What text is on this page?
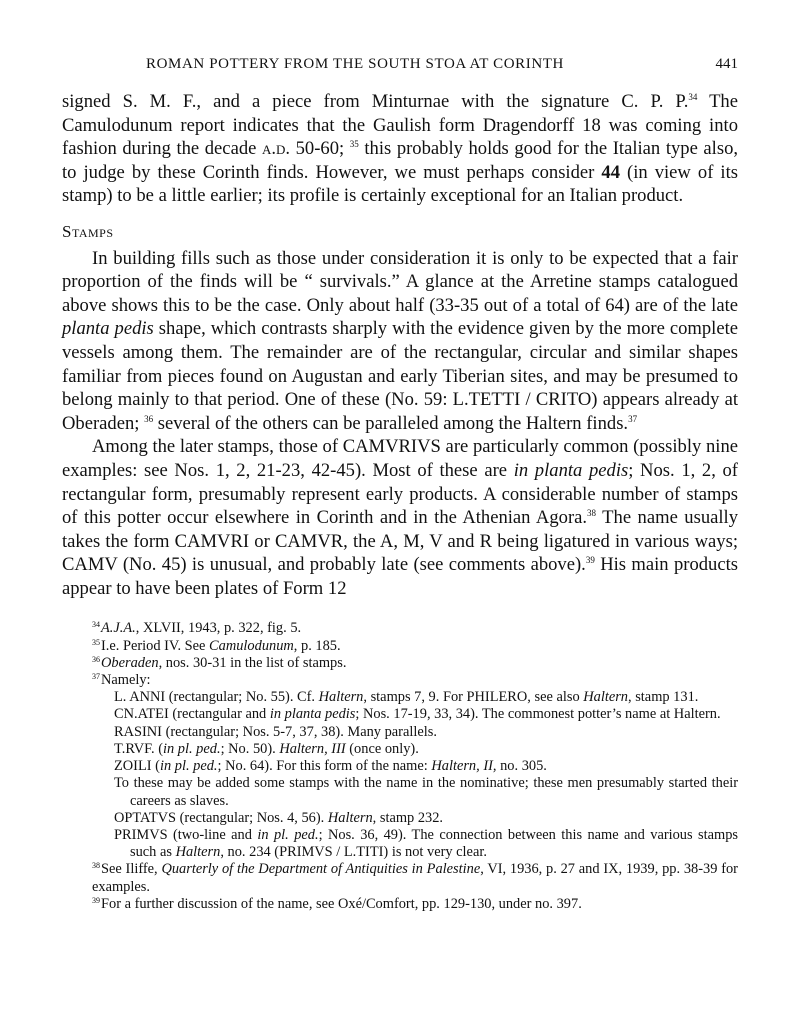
ROMAN POTTERY FROM THE SOUTH STOA AT CORINTH	441

signed S. M. F., and a piece from Minturnae with the signature C. P. P.$^{34}$ The Camulodunum report indicates that the Gaulish form Dragendorff 18 was coming into fashion during the decade a.d. 50-60; $^{35}$ this probably holds good for the Italian type also, to judge by these Corinth finds. However, we must perhaps consider 44 (in view of its stamp) to be a little earlier; its profile is certainly exceptional for an Italian product.

Stamps

In building fills such as those under consideration it is only to be expected that a fair proportion of the finds will be “ survivals.” A glance at the Arretine stamps catalogued above shows this to be the case. Only about half (33-35 out of a total of 64) are of the late planta pedis shape, which contrasts sharply with the evidence given by the more complete vessels among them. The remainder are of the rectangular, circular and similar shapes familiar from pieces found on Augustan and early Tiberian sites, and may be presumed to belong mainly to that period. One of these (No. 59: L.TETTI / CRITO) appears already at Oberaden; $^{36}$ several of the others can be paralleled among the Haltern finds.$^{37}$

Among the later stamps, those of CAMVRIVS are particularly common (possibly nine examples: see Nos. 1, 2, 21-23, 42-45). Most of these are in planta pedis; Nos. 1, 2, of rectangular form, presumably represent early products. A considerable number of stamps of this potter occur elsewhere in Corinth and in the Athenian Agora.$^{38}$ The name usually takes the form CAMVRI or CAMVR, the A, M, V and R being ligatured in various ways; CAMV (No. 45) is unusual, and probably late (see comments above).$^{39}$ His main products appear to have been plates of Form 12

$^{34}$A.J.A., XLVII, 1943, p. 322, fig. 5.
$^{35}$I.e. Period IV. See Camulodunum, p. 185.
$^{36}$Oberaden, nos. 30-31 in the list of stamps.
$^{37}$Namely:
L. ANNI (rectangular; No. 55). Cf. Haltern, stamps 7, 9. For PHILERO, see also Haltern, stamp 131.
CN.ATEI (rectangular and in planta pedis; Nos. 17-19, 33, 34). The commonest potter’s name at Haltern.
RASINI (rectangular; Nos. 5-7, 37, 38). Many parallels.
T.RVF. (in pl. ped.; No. 50). Haltern, III (once only).
ZOILI (in pl. ped.; No. 64). For this form of the name: Haltern, II, no. 305.
To these may be added some stamps with the name in the nominative; these men presumably started their careers as slaves.
OPTATVS (rectangular; Nos. 4, 56). Haltern, stamp 232.
PRIMVS (two-line and in pl. ped.; Nos. 36, 49). The connection between this name and various stamps such as Haltern, no. 234 (PRIMVS / L.TITI) is not very clear.
$^{38}$See Iliffe, Quarterly of the Department of Antiquities in Palestine, VI, 1936, p. 27 and IX, 1939, pp. 38-39 for examples.
$^{39}$For a further discussion of the name, see Oxé/Comfort, pp. 129-130, under no. 397.
